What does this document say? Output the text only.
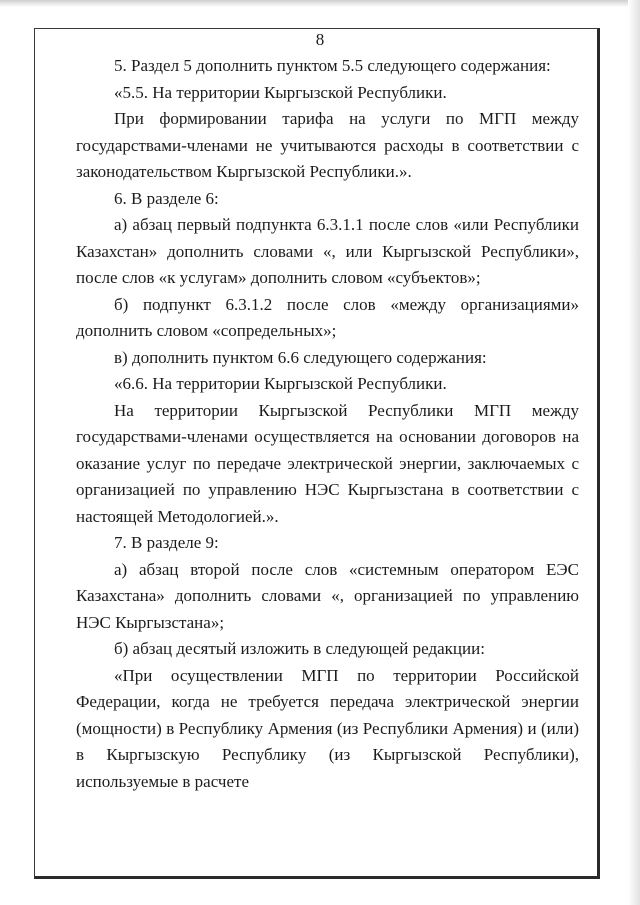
8

5. Раздел 5 дополнить пунктом 5.5 следующего содержания:

«5.5. На территории Кыргызской Республики.

При формировании тарифа на услуги по МГП между государствами-членами не учитываются расходы в соответствии с законодательством Кыргызской Республики.».

6. В разделе 6:

а) абзац первый подпункта 6.3.1.1 после слов «или Республики Казахстан» дополнить словами «, или Кыргызской Республики», после слов «к услугам» дополнить словом «субъектов»;

б) подпункт 6.3.1.2 после слов «между организациями» дополнить словом «сопредельных»;

в) дополнить пунктом 6.6 следующего содержания:

«6.6. На территории Кыргызской Республики.

На территории Кыргызской Республики МГП между государствами-членами осуществляется на основании договоров на оказание услуг по передаче электрической энергии, заключаемых с организацией по управлению НЭС Кыргызстана в соответствии с настоящей Методологией.».

7. В разделе 9:

а) абзац второй после слов «системным оператором ЕЭС Казахстана» дополнить словами «, организацией по управлению НЭС Кыргызстана»;

б) абзац десятый изложить в следующей редакции:

«При осуществлении МГП по территории Российской Федерации, когда не требуется передача электрической энергии (мощности) в Республику Армения (из Республики Армения) и (или) в Кыргызскую Республику (из Кыргызской Республики), используемые в расчете
